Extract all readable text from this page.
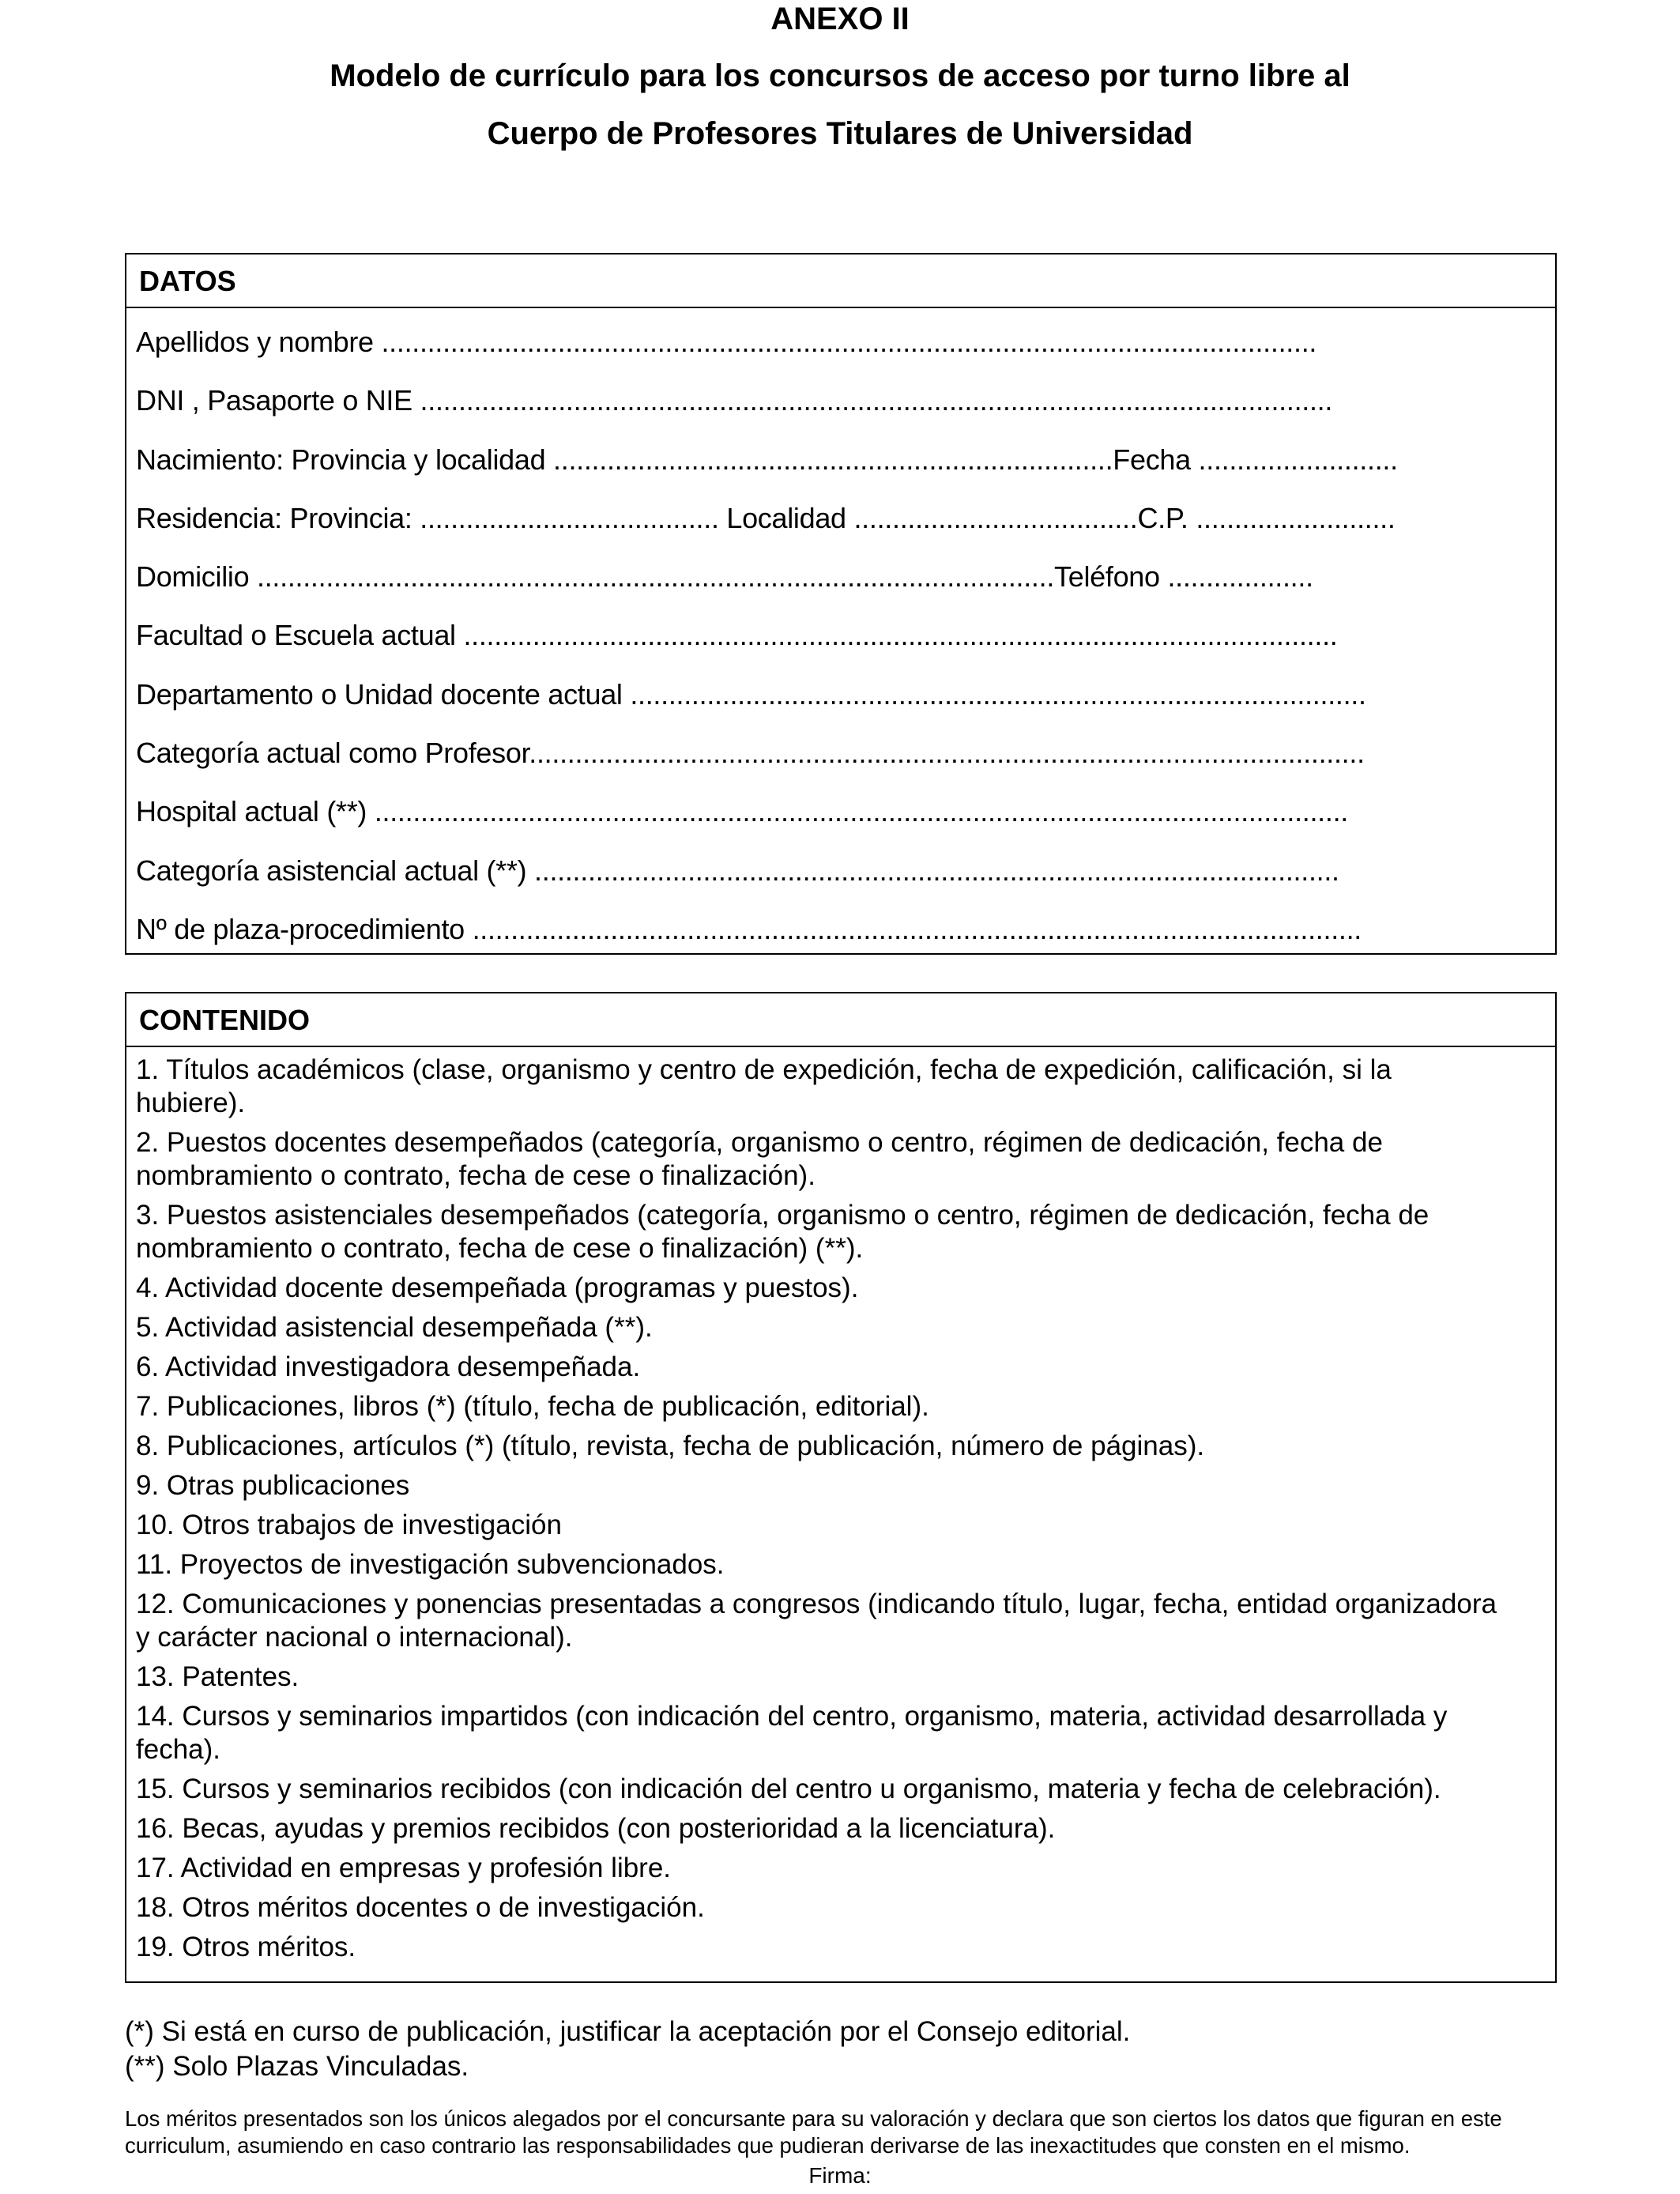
ANEXO II
Modelo de currículo para los concursos de acceso por turno libre al
Cuerpo de Profesores Titulares de Universidad
DATOS
Apellidos y nombre ..........................................................................................................................
DNI , Pasaporte o NIE .......................................................................................................................
Nacimiento: Provincia y localidad .........................................................................Fecha ..........................
Residencia: Provincia: ....................................... Localidad .....................................C.P. ..........................
Domicilio ........................................................................................................Teléfono ...................
Facultad o Escuela actual ..................................................................................................................
Departamento o Unidad docente actual ................................................................................................
Categoría actual como Profesor.............................................................................................................
Hospital actual (**) ...............................................................................................................................
Categoría asistencial actual (**) .........................................................................................................
Nº de plaza-procedimiento ....................................................................................................................
CONTENIDO
1. Títulos académicos (clase, organismo y centro de expedición, fecha de expedición, calificación, si la hubiere).
2. Puestos docentes desempeñados (categoría, organismo o centro, régimen de dedicación, fecha de nombramiento o contrato, fecha de cese o finalización).
3. Puestos asistenciales desempeñados (categoría, organismo o centro, régimen de dedicación, fecha de nombramiento o contrato, fecha de cese o finalización) (**).
4. Actividad docente desempeñada (programas y puestos).
5. Actividad asistencial desempeñada (**).
6. Actividad investigadora desempeñada.
7. Publicaciones, libros (*) (título, fecha de publicación, editorial).
8. Publicaciones, artículos (*) (título, revista, fecha de publicación, número de páginas).
9. Otras publicaciones
10. Otros trabajos de investigación
11. Proyectos de investigación subvencionados.
12. Comunicaciones y ponencias presentadas a congresos (indicando título, lugar, fecha, entidad organizadora y carácter nacional o internacional).
13. Patentes.
14. Cursos y seminarios impartidos (con indicación del centro, organismo, materia, actividad desarrollada y fecha).
15. Cursos y seminarios recibidos (con indicación del centro u organismo, materia y fecha de celebración).
16. Becas, ayudas y premios recibidos (con posterioridad a la licenciatura).
17. Actividad en empresas y profesión libre.
18. Otros méritos docentes o de investigación.
19. Otros méritos.
(*) Si está en curso de publicación, justificar la aceptación por el Consejo editorial.
(**) Solo Plazas Vinculadas.
Los méritos presentados son los únicos alegados por el concursante para su valoración y declara que son ciertos los datos que figuran en este curriculum, asumiendo en caso contrario las responsabilidades que pudieran derivarse de las inexactitudes que consten en el mismo.
Firma:
